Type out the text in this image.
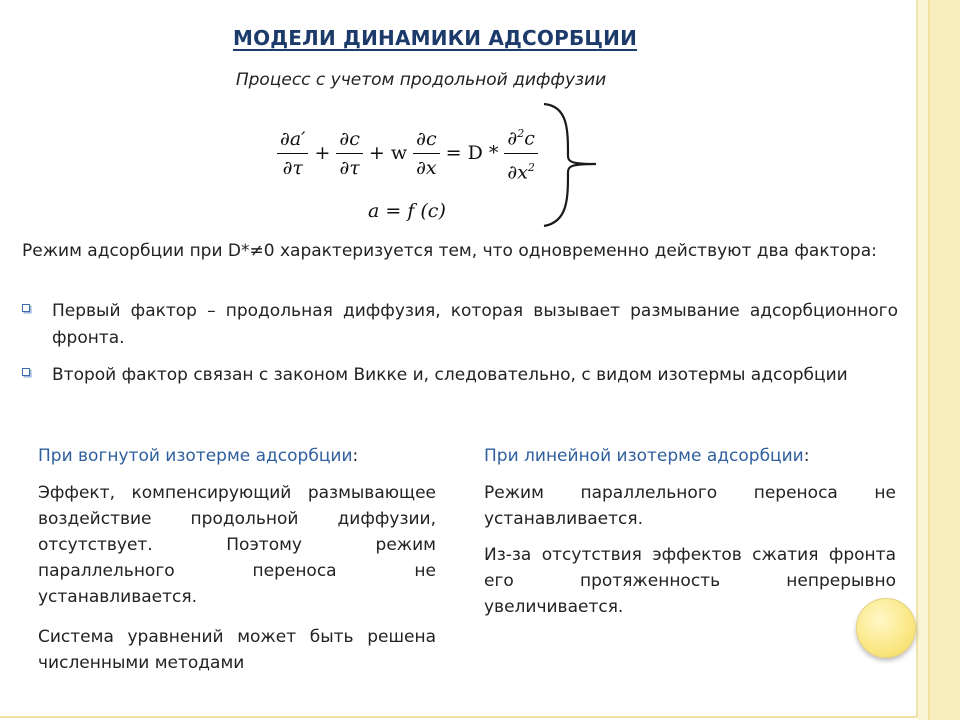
МОДЕЛИ ДИНАМИКИ АДСОРБЦИИ
Процесс с учетом продольной диффузии
$\frac{\partial a'}{\partial\tau} + \frac{\partial c}{\partial\tau} + w \frac{\partial c}{\partial x} = D * \frac{\partial^2c}{\partial x^2}$
a = f (c)
Режим адсорбции при D*≠0 характеризуется тем, что одновременно действуют два фактора:
Первый фактор – продольная диффузия, которая вызывает размывание адсорбционного фронта.
Второй фактор связан с законом Викке и, следовательно, с видом изотермы адсорбции
При вогнутой изотерме адсорбции:
Эффект, компенсирующий размывающее воздействие продольной диффузии, отсутствует. Поэтому режим параллельного переноса не устанавливается.
Система уравнений может быть решена численными методами
При линейной изотерме адсорбции:
Режим параллельного переноса не устанавливается.
Из-за отсутствия эффектов сжатия фронта его протяженность непрерывно увеличивается.
